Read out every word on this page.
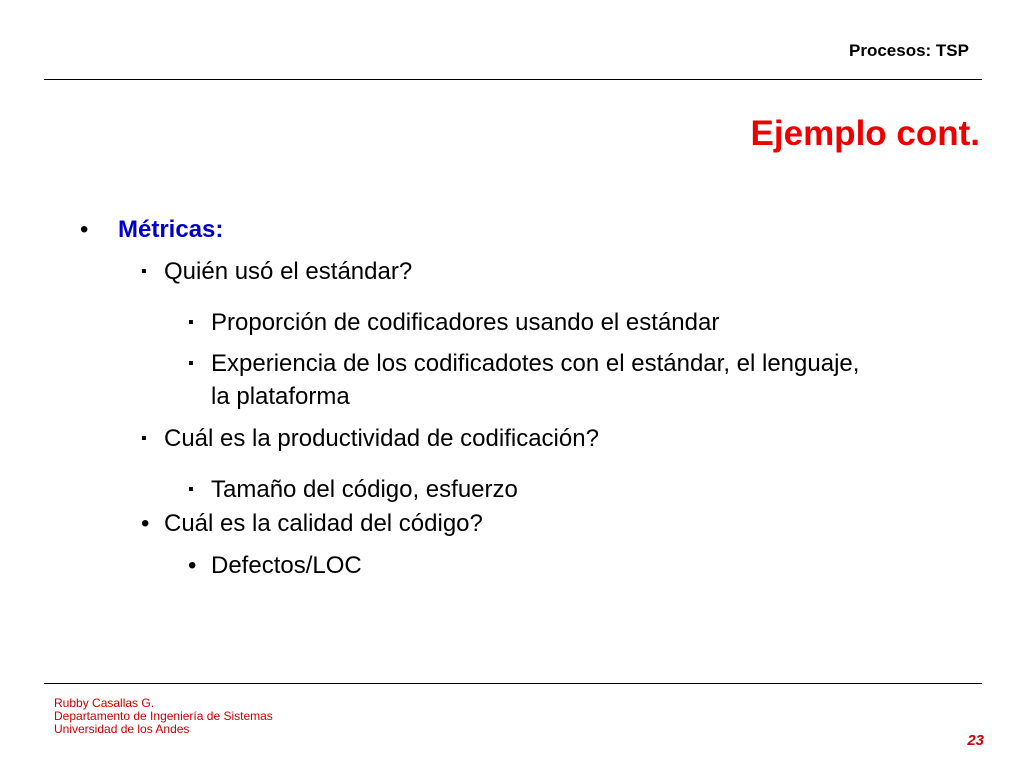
Procesos: TSP
Ejemplo cont.
• Métricas:
▪ Quién usó el estándar?
▪ Proporción de codificadores usando el estándar
▪ Experiencia de los codificadotes con el estándar, el lenguaje,
la plataforma
▪ Cuál es la productividad de codificación?
▪ Tamaño del código, esfuerzo
• Cuál es la calidad del código?
• Defectos/LOC
Rubby Casallas G.
Departamento de Ingeniería de Sistemas
Universidad de los Andes
23
